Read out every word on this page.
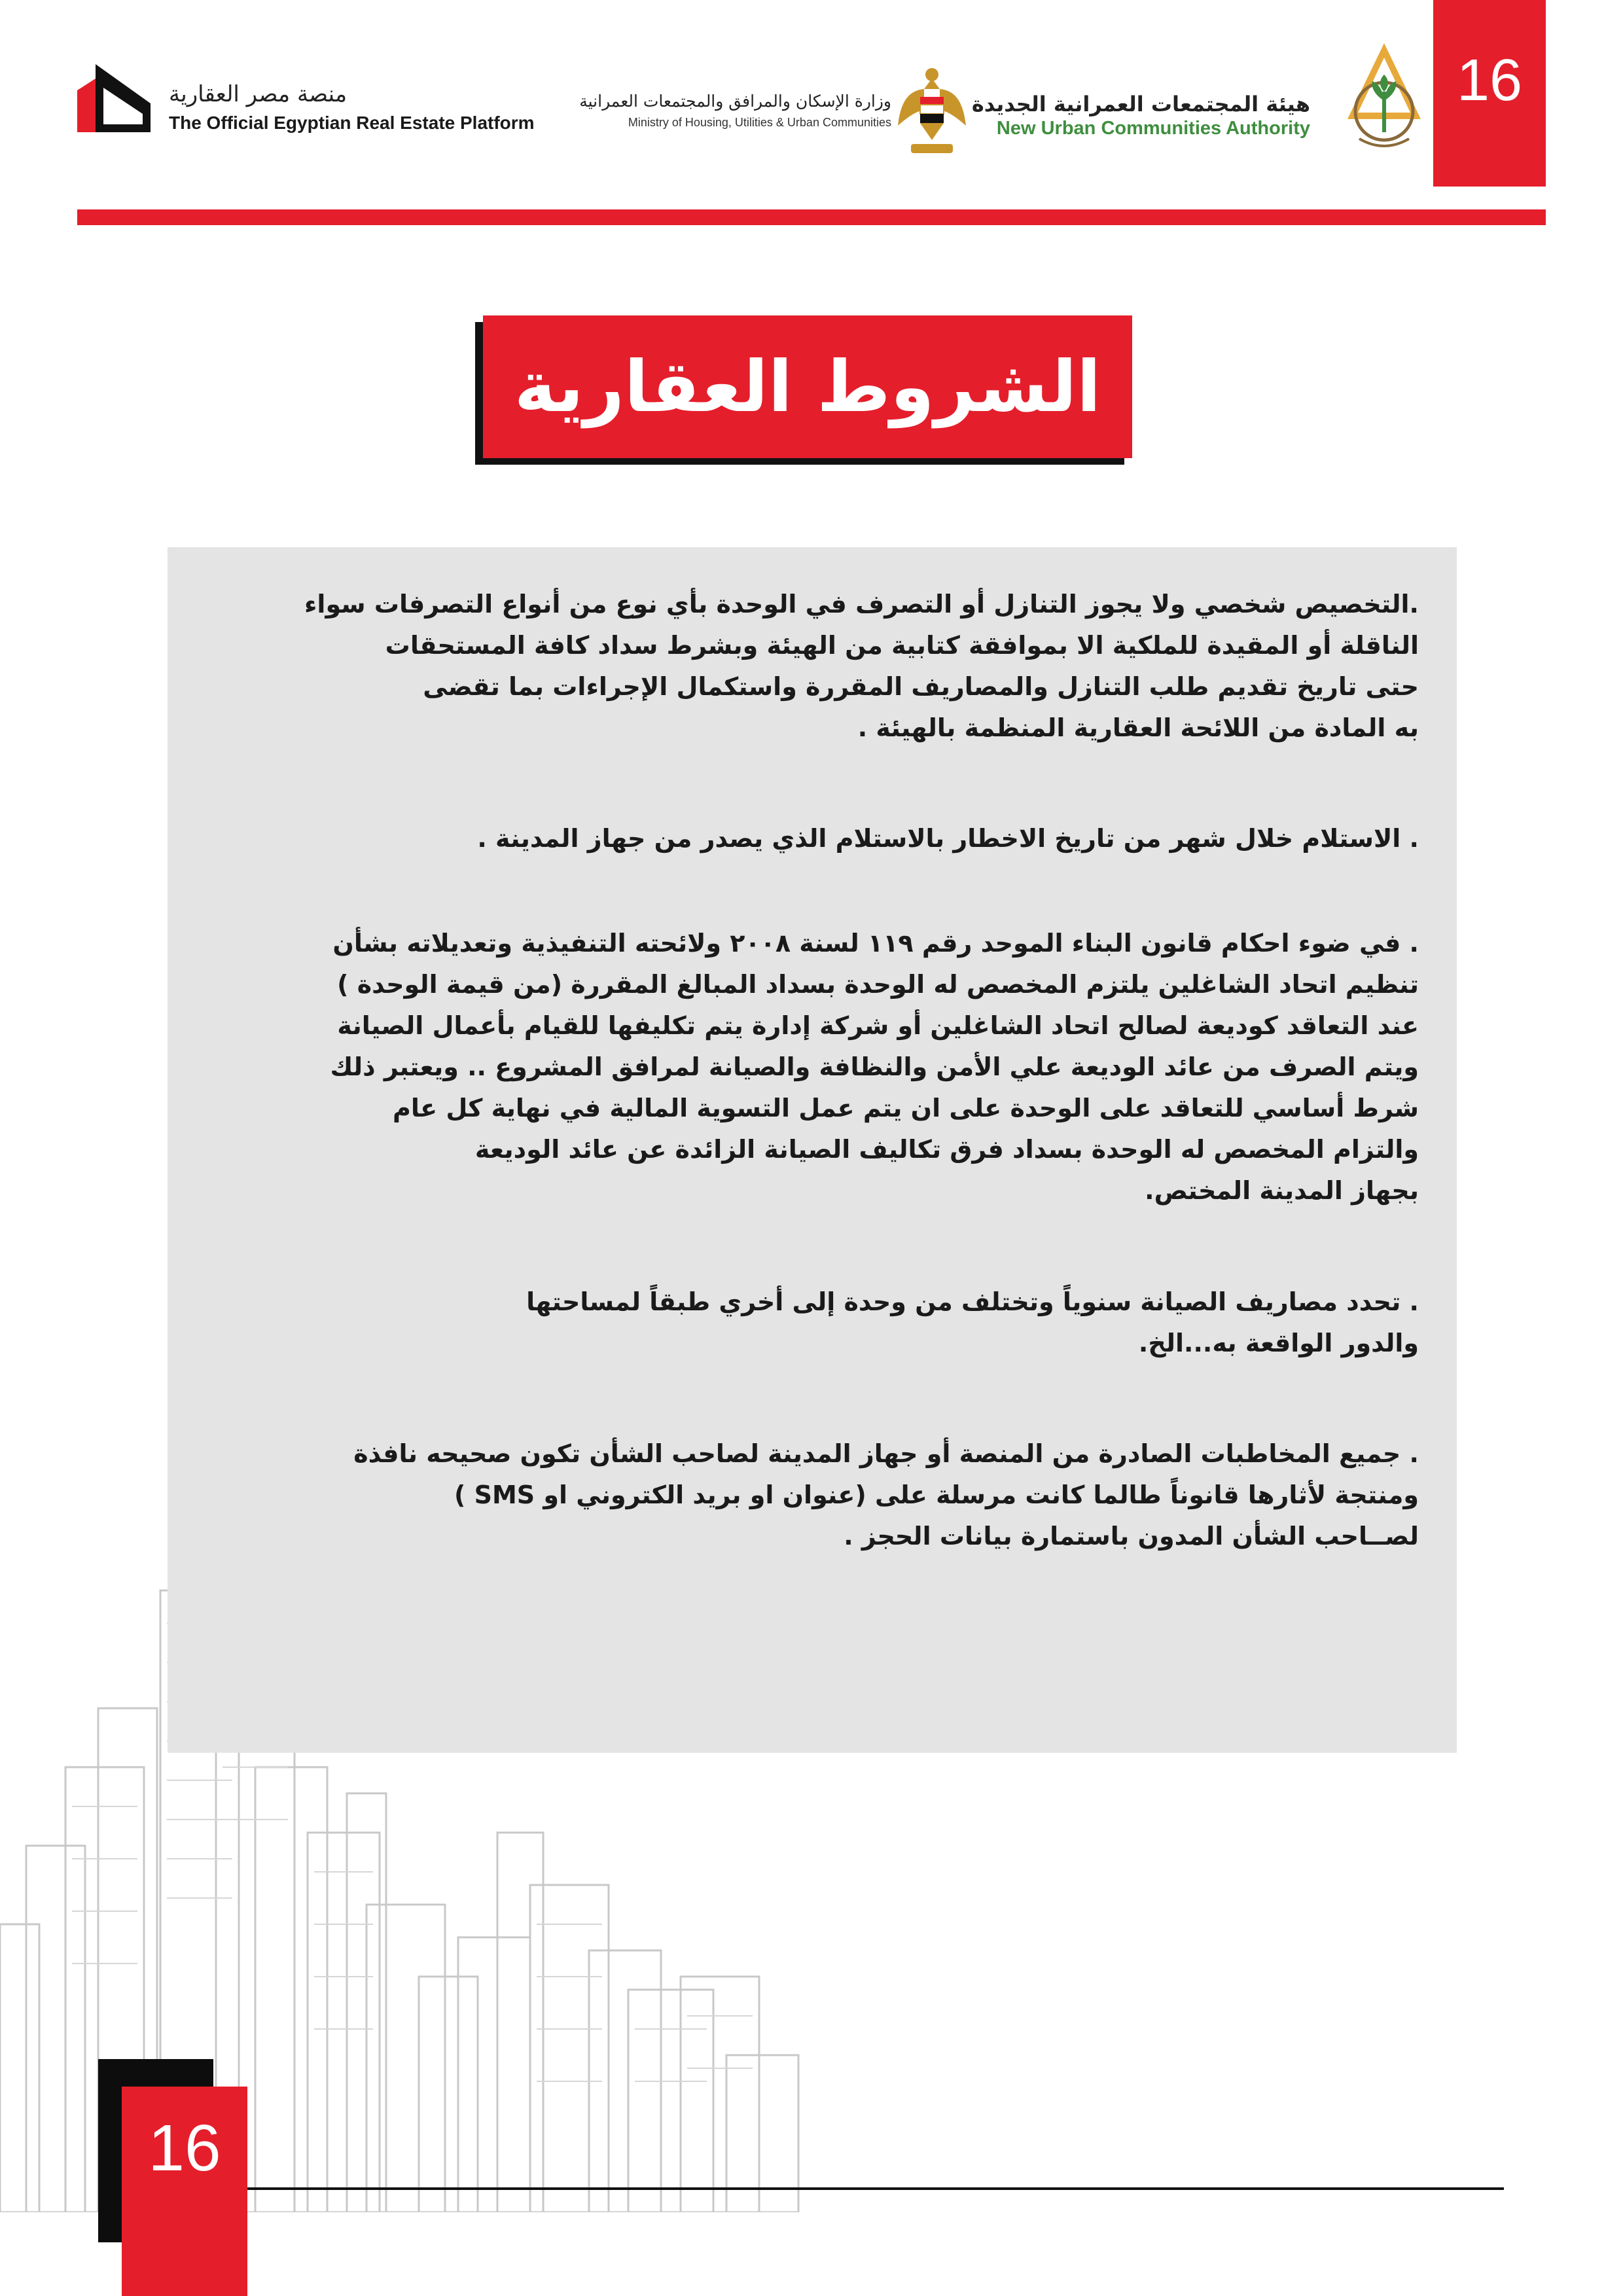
16
هيئة المجتمعات العمرانية الجديدة
New Urban Communities Authority
وزارة الإسكان والمرافق والمجتمعات العمرانية
Ministry of Housing, Utilities & Urban Communities
منصة مصر العقارية
The Official Egyptian Real Estate Platform
الشروط العقارية
.التخصيص شخصي ولا يجوز التنازل أو التصرف في الوحدة بأي نوع من أنواع التصرفات سواء
الناقلة أو المقيدة للملكية الا بموافقة كتابية من الهيئة وبشرط سداد كافة المستحقات
حتى تاريخ تقديم طلب التنازل والمصاريف المقررة واستكمال الإجراءات بما تقضى
به المادة من اللائحة العقارية المنظمة بالهيئة .
. الاستلام خلال شهر من تاريخ الاخطار بالاستلام الذي يصدر من جهاز المدينة .
. في ضوء احكام قانون البناء الموحد رقم ١١٩ لسنة ٢٠٠٨ ولائحته التنفيذية وتعديلاته بشأن
تنظيم اتحاد الشاغلين يلتزم المخصص له الوحدة بسداد المبالغ المقررة (من قيمة الوحدة )
عند التعاقد كوديعة لصالح اتحاد الشاغلين أو شركة إدارة يتم تكليفها للقيام بأعمال الصيانة
ويتم الصرف من عائد الوديعة علي الأمن والنظافة والصيانة لمرافق المشروع .. ويعتبر ذلك
شرط أساسي للتعاقد على الوحدة على ان يتم عمل التسوية المالية في نهاية كل عام
والتزام المخصص له الوحدة بسداد فرق تكاليف الصيانة الزائدة عن عائد الوديعة
بجهاز المدينة المختص.
. تحدد مصاريف الصيانة سنوياً وتختلف من وحدة إلى أخري طبقاً لمساحتها
والدور الواقعة به...الخ.
. جميع المخاطبات الصادرة من المنصة أو جهاز المدينة لصاحب الشأن تكون صحيحه نافذة
ومنتجة لأثارها قانوناً طالما كانت مرسلة على (عنوان او بريد الكتروني او SMS )
لصــاحب الشأن المدون باستمارة بيانات الحجز .
16
